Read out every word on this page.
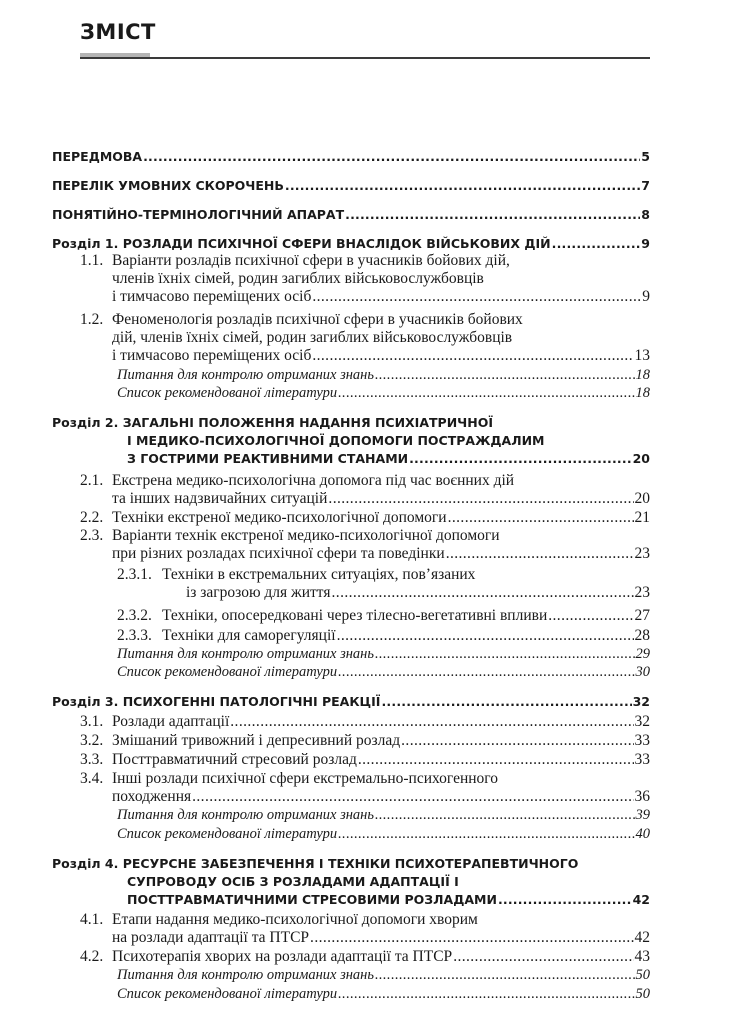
ЗМІСТ
ПЕРЕДМОВА .....	5
ПЕРЕЛІК УМОВНИХ СКОРОЧЕНЬ .....	7
ПОНЯТІЙНО-ТЕРМІНОЛОГІЧНИЙ АПАРАТ .....	8
Розділ 1. РОЗЛАДИ ПСИХІЧНОЇ СФЕРИ ВНАСЛІДОК ВІЙСЬКОВИХ ДІЙ .....	9
1.1. Варіанти розладів психічної сфери в учасників бойових дій,
членів їхніх сімей, родин загиблих військовослужбовців
і тимчасово переміщених осіб .....	9
1.2. Феноменологія розладів психічної сфери в учасників бойових
дій, членів їхніх сімей, родин загиблих військовослужбовців
і тимчасово переміщених осіб .....	13
Питання для контролю отриманих знань .....	18
Список рекомендованої літератури .....	18
Розділ 2. ЗАГАЛЬНІ ПОЛОЖЕННЯ НАДАННЯ ПСИХІАТРИЧНОЇ
І МЕДИКО-ПСИХОЛОГІЧНОЇ ДОПОМОГИ ПОСТРАЖДАЛИМ
З ГОСТРИМИ РЕАКТИВНИМИ СТАНАМИ .....	20
2.1. Екстрена медико-психологічна допомога під час воєнних дій
та інших надзвичайних ситуацій .....	20
2.2. Техніки екстреної медико-психологічної допомоги .....	21
2.3. Варіанти технік екстреної медико-психологічної допомоги
при різних розладах психічної сфери та поведінки .....	23
2.3.1. Техніки в екстремальних ситуаціях, пов’язаних
із загрозою для життя .....	23
2.3.2. Техніки, опосередковані через тілесно-вегетативні впливи .....	27
2.3.3. Техніки для саморегуляції .....	28
Питання для контролю отриманих знань .....	29
Список рекомендованої літератури .....	30
Розділ 3. ПСИХОГЕННІ ПАТОЛОГІЧНІ РЕАКЦІЇ .....	32
3.1. Розлади адаптації .....	32
3.2. Змішаний тривожний і депресивний розлад .....	33
3.3. Посттравматичний стресовий розлад .....	33
3.4. Інші розлади психічної сфери екстремально-психогенного
походження .....	36
Питання для контролю отриманих знань .....	39
Список рекомендованої літератури .....	40
Розділ 4. РЕСУРСНЕ ЗАБЕЗПЕЧЕННЯ І ТЕХНІКИ ПСИХОТЕРАПЕВТИЧНОГО
СУПРОВОДУ ОСІБ З РОЗЛАДАМИ АДАПТАЦІЇ І
ПОСТТРАВМАТИЧНИМИ СТРЕСОВИМИ РОЗЛАДАМИ .....	42
4.1. Етапи надання медико-психологічної допомоги хворим
на розлади адаптації та ПТСР .....	42
4.2. Психотерапія хворих на розлади адаптації та ПТСР .....	43
Питання для контролю отриманих знань .....	50
Список рекомендованої літератури .....	50
